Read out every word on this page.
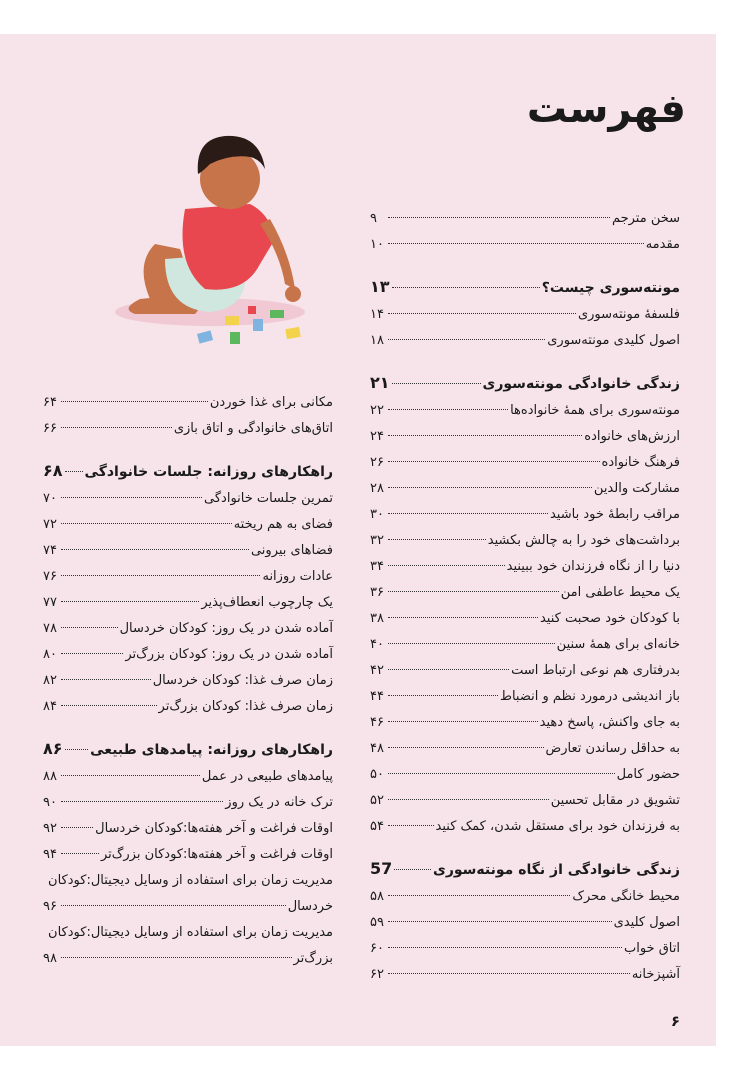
فهرست
سخن مترجم
۹
مقدمه
۱۰
مونته‌سوری چیست؟
۱۳
فلسفهٔ مونته‌سوری
۱۴
اصول کلیدی مونته‌سوری
۱۸
زندگی خانوادگی مونته‌سوری
۲۱
مونته‌سوری برای همهٔ خانواده‌ها
۲۲
ارزش‌های خانواده
۲۴
فرهنگ خانواده
۲۶
مشارکت والدین
۲۸
مراقب رابطهٔ خود باشید
۳۰
برداشت‌های خود را به چالش بکشید
۳۲
دنیا را از نگاه فرزندان خود ببینید
۳۴
یک محیط عاطفی امن
۳۶
با کودکان خود صحبت کنید
۳۸
خانه‌ای برای همهٔ سنین
۴۰
بدرفتاری هم نوعی ارتباط است
۴۲
باز اندیشی درمورد نظم و انضباط
۴۴
به جای واکنش، پاسخ دهید
۴۶
به حداقل رساندن تعارض
۴۸
حضور کامل
۵۰
تشویق در مقابل تحسین
۵۲
به فرزندان خود برای مستقل شدن، کمک کنید
۵۴
زندگی خانوادگی از نگاه مونته‌سوری
57
محیط خانگی محرک
۵۸
اصول کلیدی
۵۹
اتاق خواب
۶۰
آشپزخانه
۶۲
مکانی برای غذا خوردن
۶۴
اتاق‌های خانوادگی و اتاق بازی
۶۶
راهکارهای روزانه: جلسات خانوادگی
۶۸
تمرین جلسات خانوادگی
۷۰
فضای به هم ریخته
۷۲
فضاهای بیرونی
۷۴
عادات روزانه
۷۶
یک چارچوب انعطاف‌پذیر
۷۷
آماده شدن در یک روز: کودکان خردسال
۷۸
آماده شدن در یک روز: کودکان بزرگ‌تر
۸۰
زمان صرف غذا: کودکان خردسال
۸۲
زمان صرف غذا: کودکان بزرگ‌تر
۸۴
راهکارهای روزانه: پیامدهای طبیعی
۸۶
پیامدهای طبیعی در عمل
۸۸
ترک خانه در یک روز
۹۰
اوقات فراغت و آخر هفته‌ها:کودکان خردسال
۹۲
اوقات فراغت و آخر هفته‌ها:کودکان بزرگ‌تر
۹۴
مدیریت زمان برای استفاده از وسایل دیجیتال:کودکان
خردسال
۹۶
مدیریت زمان برای استفاده از وسایل دیجیتال:کودکان
بزرگ‌تر
۹۸
۶
